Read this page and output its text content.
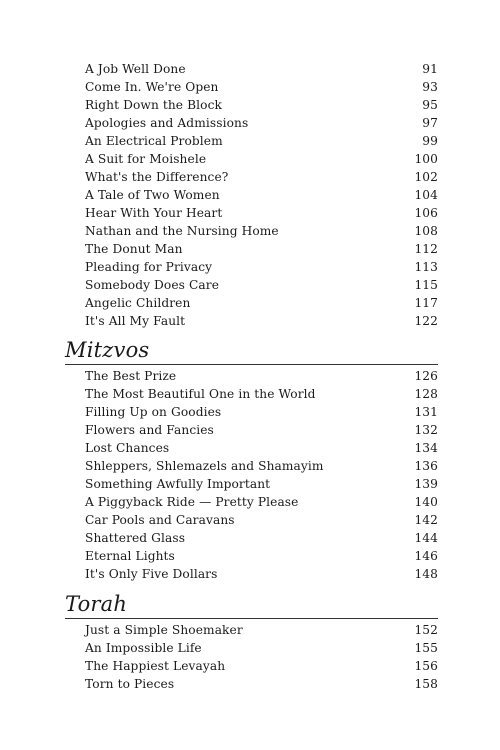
A Job Well Done	91
Come In. We're Open	93
Right Down the Block	95
Apologies and Admissions	97
An Electrical Problem	99
A Suit for Moishele	100
What's the Difference?	102
A Tale of Two Women	104
Hear With Your Heart	106
Nathan and the Nursing Home	108
The Donut Man	112
Pleading for Privacy	113
Somebody Does Care	115
Angelic Children	117
It's All My Fault	122
Mitzvos
The Best Prize	126
The Most Beautiful One in the World	128
Filling Up on Goodies	131
Flowers and Fancies	132
Lost Chances	134
Shleppers, Shlemazels and Shamayim	136
Something Awfully Important	139
A Piggyback Ride — Pretty Please	140
Car Pools and Caravans	142
Shattered Glass	144
Eternal Lights	146
It's Only Five Dollars	148
Torah
Just a Simple Shoemaker	152
An Impossible Life	155
The Happiest Levayah	156
Torn to Pieces	158
